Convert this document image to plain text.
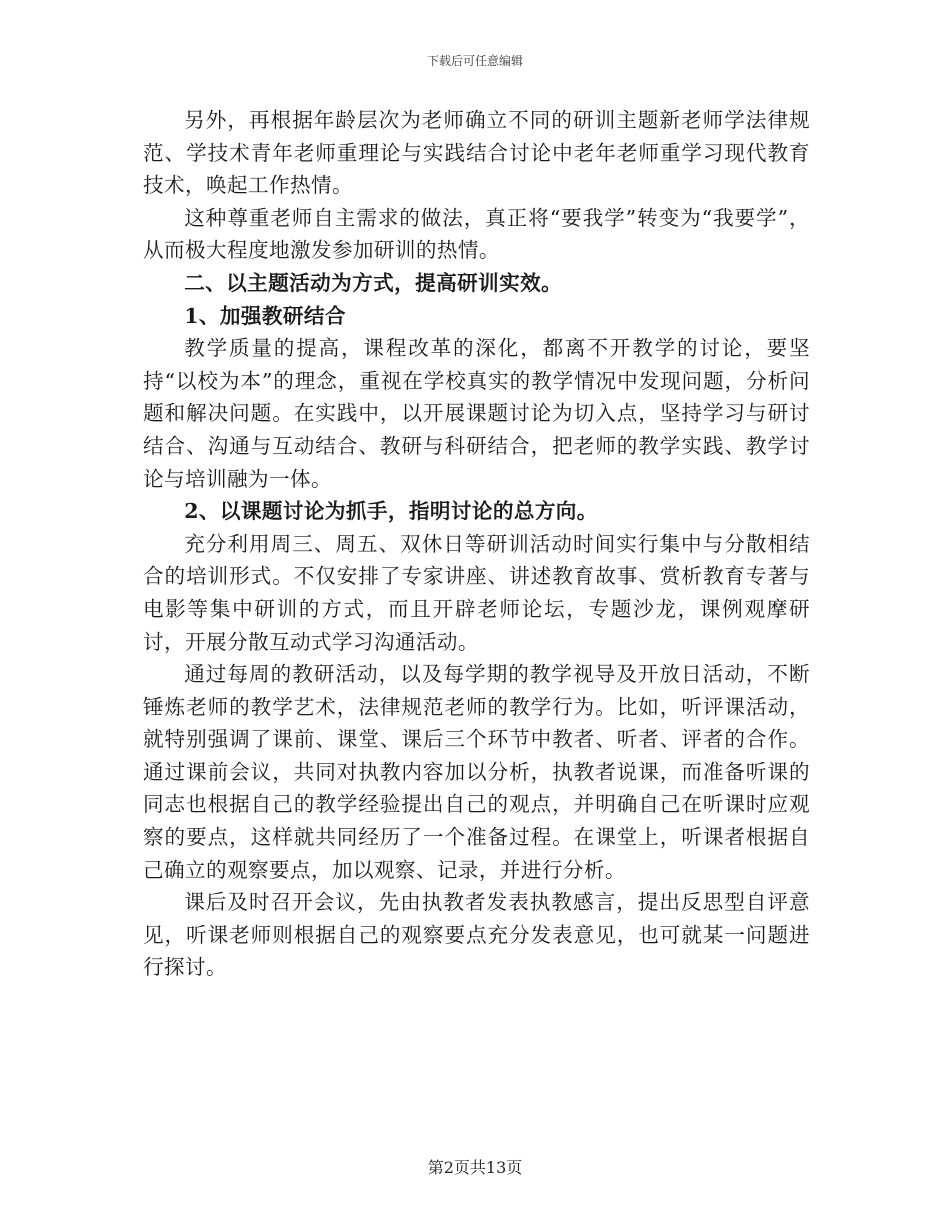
下载后可任意编辑

另外，再根据年龄层次为老师确立不同的研训主题新老师学法律规范、学技术青年老师重理论与实践结合讨论中老年老师重学习现代教育技术，唤起工作热情。

这种尊重老师自主需求的做法，真正将“要我学”转变为“我要学”，从而极大程度地激发参加研训的热情。

二、以主题活动为方式，提高研训实效。

1、加强教研结合

教学质量的提高，课程改革的深化，都离不开教学的讨论，要坚持“以校为本”的理念，重视在学校真实的教学情况中发现问题，分析问题和解决问题。在实践中，以开展课题讨论为切入点，坚持学习与研讨结合、沟通与互动结合、教研与科研结合，把老师的教学实践、教学讨论与培训融为一体。

2、以课题讨论为抓手，指明讨论的总方向。

充分利用周三、周五、双休日等研训活动时间实行集中与分散相结合的培训形式。不仅安排了专家讲座、讲述教育故事、赏析教育专著与电影等集中研训的方式，而且开辟老师论坛，专题沙龙，课例观摩研讨，开展分散互动式学习沟通活动。

通过每周的教研活动，以及每学期的教学视导及开放日活动，不断锤炼老师的教学艺术，法律规范老师的教学行为。比如，听评课活动，就特别强调了课前、课堂、课后三个环节中教者、听者、评者的合作。通过课前会议，共同对执教内容加以分析，执教者说课，而准备听课的同志也根据自己的教学经验提出自己的观点，并明确自己在听课时应观察的要点，这样就共同经历了一个准备过程。在课堂上，听课者根据自己确立的观察要点，加以观察、记录，并进行分析。

课后及时召开会议，先由执教者发表执教感言，提出反思型自评意见，听课老师则根据自己的观察要点充分发表意见，也可就某一问题进行探讨。

第2页共13页
